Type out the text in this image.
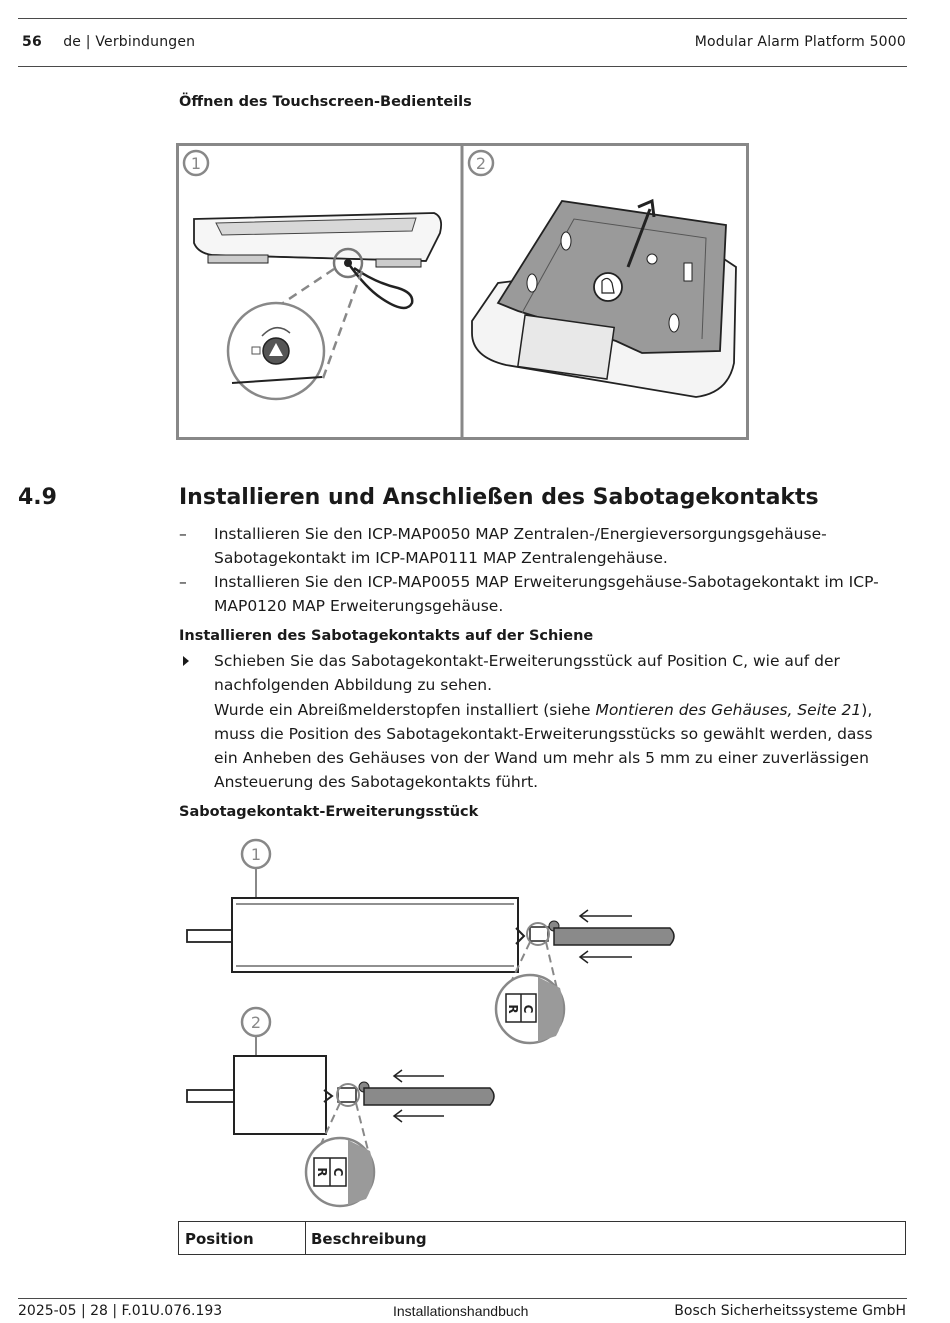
56 de | Verbindungen	Modular Alarm Platform 5000
Öffnen des Touchscreen-Bedienteils
1	2
4.9	Installieren und Anschließen des Sabotagekontakts
– Installieren Sie den ICP-MAP0050 MAP Zentralen-/Energieversorgungsgehäuse-
Sabotagekontakt im ICP-MAP0111 MAP Zentralengehäuse.
– Installieren Sie den ICP-MAP0055 MAP Erweiterungsgehäuse-Sabotagekontakt im ICP-
MAP0120 MAP Erweiterungsgehäuse.
Installieren des Sabotagekontakts auf der Schiene
Schieben Sie das Sabotagekontakt-Erweiterungsstück auf Position C, wie auf der
nachfolgenden Abbildung zu sehen.
Wurde ein Abreißmelderstopfen installiert (siehe Montieren des Gehäuses, Seite 21),
muss die Position des Sabotagekontakt-Erweiterungsstücks so gewählt werden, dass
ein Anheben des Gehäuses von der Wand um mehr als 5 mm zu einer zuverlässigen
Ansteuerung des Sabotagekontakts führt.
Sabotagekontakt-Erweiterungsstück
1
C
R
2
C
R
Position	Beschreibung
2025-05 | 28 | F.01U.076.193	Installationshandbuch	Bosch Sicherheitssysteme GmbH
